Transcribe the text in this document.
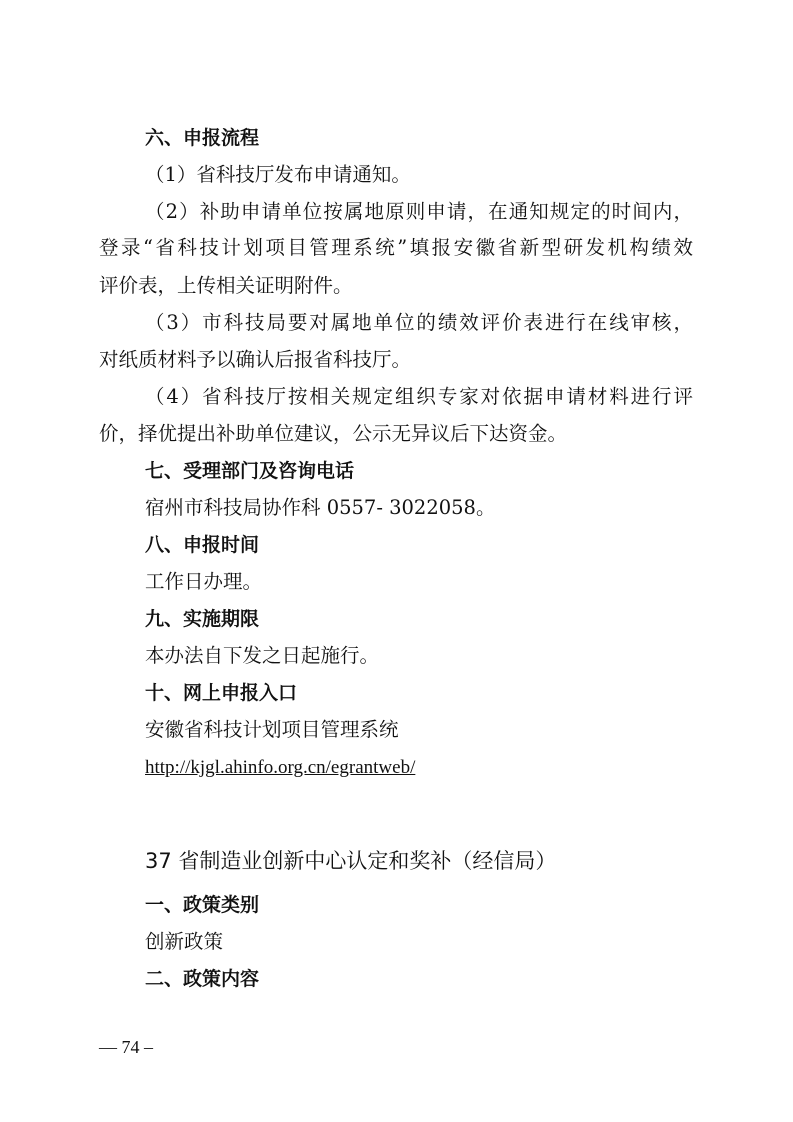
六、申报流程

（1）省科技厅发布申请通知。

（2）补助申请单位按属地原则申请，在通知规定的时间内，

登录“省科技计划项目管理系统”填报安徽省新型研发机构绩效

评价表，上传相关证明附件。

（3）市科技局要对属地单位的绩效评价表进行在线审核，

对纸质材料予以确认后报省科技厅。

（4）省科技厅按相关规定组织专家对依据申请材料进行评

价，择优提出补助单位建议，公示无异议后下达资金。

七、受理部门及咨询电话

宿州市科技局协作科 0557- 3022058。

八、申报时间

工作日办理。

九、实施期限

本办法自下发之日起施行。

十、网上申报入口

安徽省科技计划项目管理系统

http://kjgl.ahinfo.org.cn/egrantweb/

37 省制造业创新中心认定和奖补（经信局）

一、政策类别

创新政策

二、政策内容

— 74 –
